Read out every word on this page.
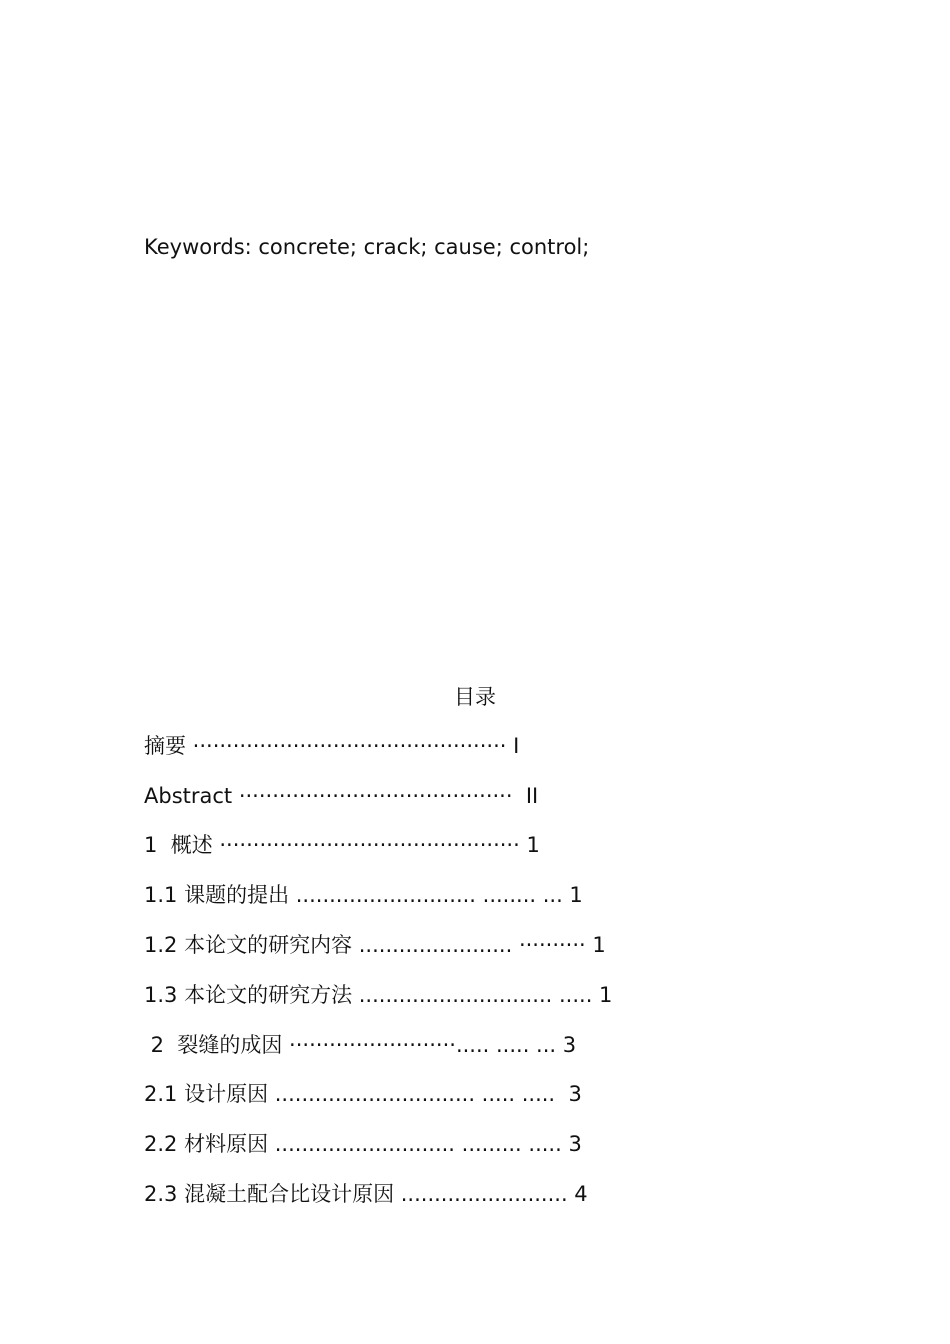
Keywords: concrete; crack; cause; control;
目录
摘要 ··············································· I
Abstract ·········································  II
1  概述 ············································· 1
1.1 课题的提出 ........................... ........ ... 1
1.2 本论文的研究内容 ....................... ·········· 1
1.3 本论文的研究方法 ............................. ..... 1
2  裂缝的成因 ·························..... ..... ... 3
2.1 设计原因 .............................. ..... .....  3
2.2 材料原因 ........................... ......... ..... 3
2.3 混凝土配合比设计原因 ......................... 4
